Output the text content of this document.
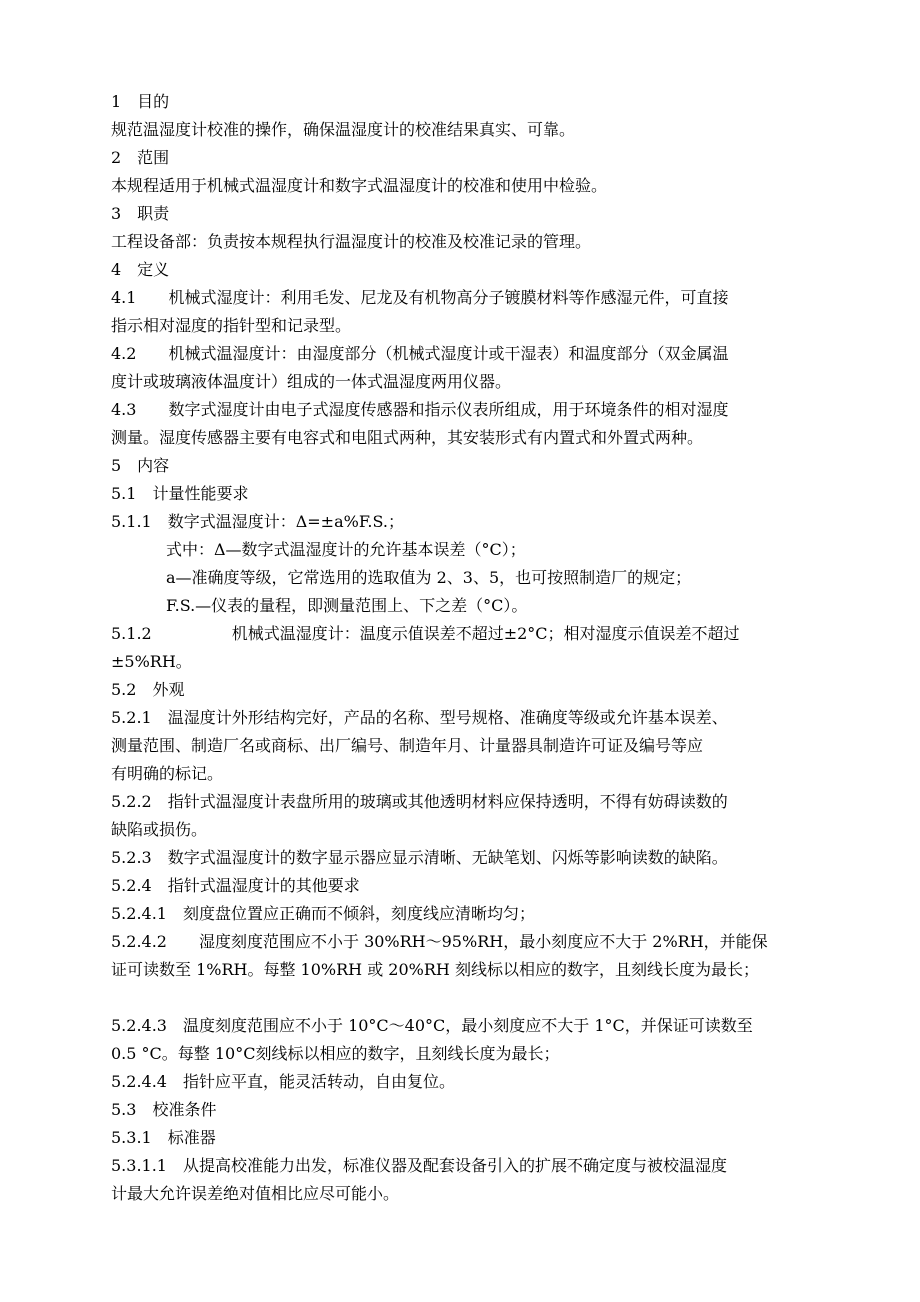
1　目的
规范温湿度计校准的操作，确保温湿度计的校准结果真实、可靠。
2　范围
本规程适用于机械式温湿度计和数字式温湿度计的校准和使用中检验。
3　职责
工程设备部：负责按本规程执行温湿度计的校准及校准记录的管理。
4　定义
4.1　　机械式湿度计：利用毛发、尼龙及有机物高分子镀膜材料等作感湿元件，可直接
指示相对湿度的指针型和记录型。
4.2　　机械式温湿度计：由湿度部分（机械式湿度计或干湿表）和温度部分（双金属温
度计或玻璃液体温度计）组成的一体式温湿度两用仪器。
4.3　　数字式湿度计由电子式湿度传感器和指示仪表所组成，用于环境条件的相对湿度
测量。湿度传感器主要有电容式和电阻式两种，其安装形式有内置式和外置式两种。
5　内容
5.1　计量性能要求
5.1.1　数字式温湿度计：Δ=±a%F.S.；
式中：Δ—数字式温湿度计的允许基本误差（°C）；
a—准确度等级，它常选用的选取值为 2、3、5，也可按照制造厂的规定；
F.S.—仪表的量程，即测量范围上、下之差（°C）。
5.1.2　　　　　机械式温湿度计：温度示值误差不超过±2°C；相对湿度示值误差不超过
±5%RH。
5.2　外观
5.2.1　温湿度计外形结构完好，产品的名称、型号规格、准确度等级或允许基本误差、
测量范围、制造厂名或商标、出厂编号、制造年月、计量器具制造许可证及编号等应
有明确的标记。
5.2.2　指针式温湿度计表盘所用的玻璃或其他透明材料应保持透明，不得有妨碍读数的
缺陷或损伤。
5.2.3　数字式温湿度计的数字显示器应显示清晰、无缺笔划、闪烁等影响读数的缺陷。
5.2.4　指针式温湿度计的其他要求
5.2.4.1　刻度盘位置应正确而不倾斜，刻度线应清晰均匀；
5.2.4.2　　湿度刻度范围应不小于 30%RH～95%RH，最小刻度应不大于 2%RH，并能保
证可读数至 1%RH。每整 10%RH 或 20%RH 刻线标以相应的数字，且刻线长度为最长；
5.2.4.3　温度刻度范围应不小于 10°C～40°C，最小刻度应不大于 1°C，并保证可读数至
0.5 °C。每整 10°C刻线标以相应的数字，且刻线长度为最长；
5.2.4.4　指针应平直，能灵活转动，自由复位。
5.3　校准条件
5.3.1　标准器
5.3.1.1　从提高校准能力出发，标准仪器及配套设备引入的扩展不确定度与被校温湿度
计最大允许误差绝对值相比应尽可能小。
